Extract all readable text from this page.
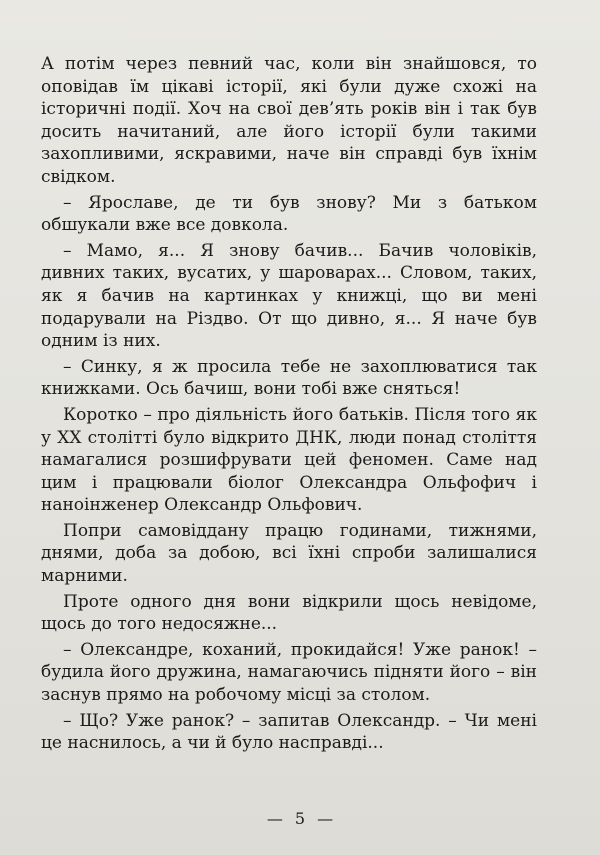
А потім через певний час, коли він знайшовся, то оповідав їм цікаві історії, які були дуже схожі на історичні події. Хоч на свої дев’ять років він і так був досить начитаний, але його історії були такими захопливими, яскравими, наче він справді був їхнім свідком.

– Ярославе, де ти був знову? Ми з батьком обшукали вже все довкола.

– Мамо, я... Я знову бачив... Бачив чоловіків, дивних таких, вусатих, у шароварах... Словом, таких, як я бачив на картинках у книжці, що ви мені подарували на Різдво. От що дивно, я... Я наче був одним із них.

– Синку, я ж просила тебе не захоплюватися так книжками. Ось бачиш, вони тобі вже сняться!

Коротко – про діяльність його батьків. Після того як у ХХ столітті було відкрито ДНК, люди понад століття намагалися розшифрувати цей феномен. Саме над цим і працювали біолог Олександра Ольфофич і наноінженер Олександр Ольфович.

Попри самовіддану працю годинами, тижнями, днями, доба за добою, всі їхні спроби залишалися марними.

Проте одного дня вони відкрили щось невідоме, щось до того недосяжне...

– Олександре, коханий, прокидайся! Уже ранок! – будила його дружина, намагаючись підняти його – він заснув прямо на робочому місці за столом.

– Що? Уже ранок? – запитав Олександр. – Чи мені це наснилось, а чи й було насправді...

— 5 —
